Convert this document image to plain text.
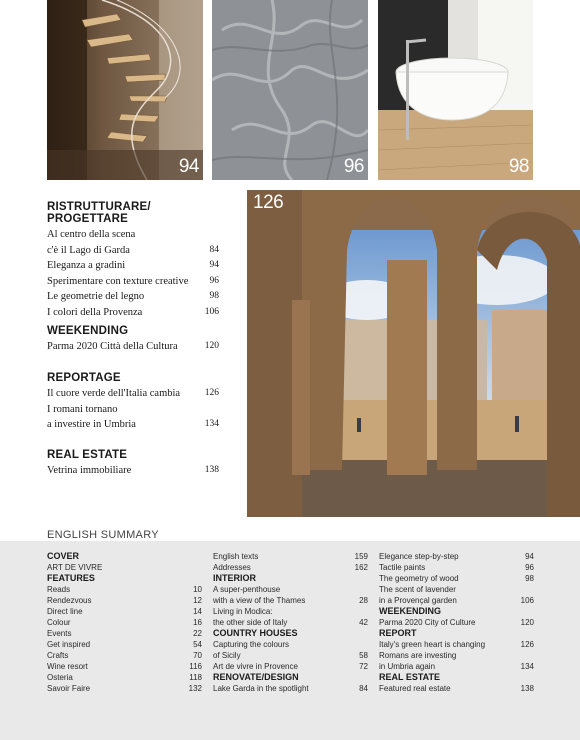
94	96	98
126
RISTRUTTURARE/ PROGETTARE
Al centro della scena
c'è il Lago di Garda	84
Eleganza a gradini	94
Sperimentare con texture creative 96
Le geometrie del legno	98
I colori della Provenza	106
WEEKENDING
Parma 2020 Città della Cultura	120
REPORTAGE
Il cuore verde dell'Italia cambia	126
I romani tornano
a investire in Umbria	134
REAL ESTATE
Vetrina immobiliare	138
ENGLISH SUMMARY
COVER
ART DE VIVRE
FEATURES
Reads	10
Rendezvous	12
Direct line	14
Colour	16
Events	22
Get inspired	54
Crafts	70
Wine resort	116
Osteria	118
Savoir Faire	132
English texts	159
Addresses	162
INTERIOR
A super-penthouse
with a view of the Thames	28
Living in Modica:
the other side of Italy	42
COUNTRY HOUSES
Capturing the colours
of Sicily	58
Art de vivre in Provence	72
RENOVATE/DESIGN
Lake Garda in the spotlight	84
Elegance step-by-step	94
Tactile paints	96
The geometry of wood	98
The scent of lavender
in a Provençal garden	106
WEEKENDING
Parma 2020 City of Culture	120
REPORT
Italy's green heart is changing	126
Romans are investing
in Umbria again	134
REAL ESTATE
Featured real estate	138
